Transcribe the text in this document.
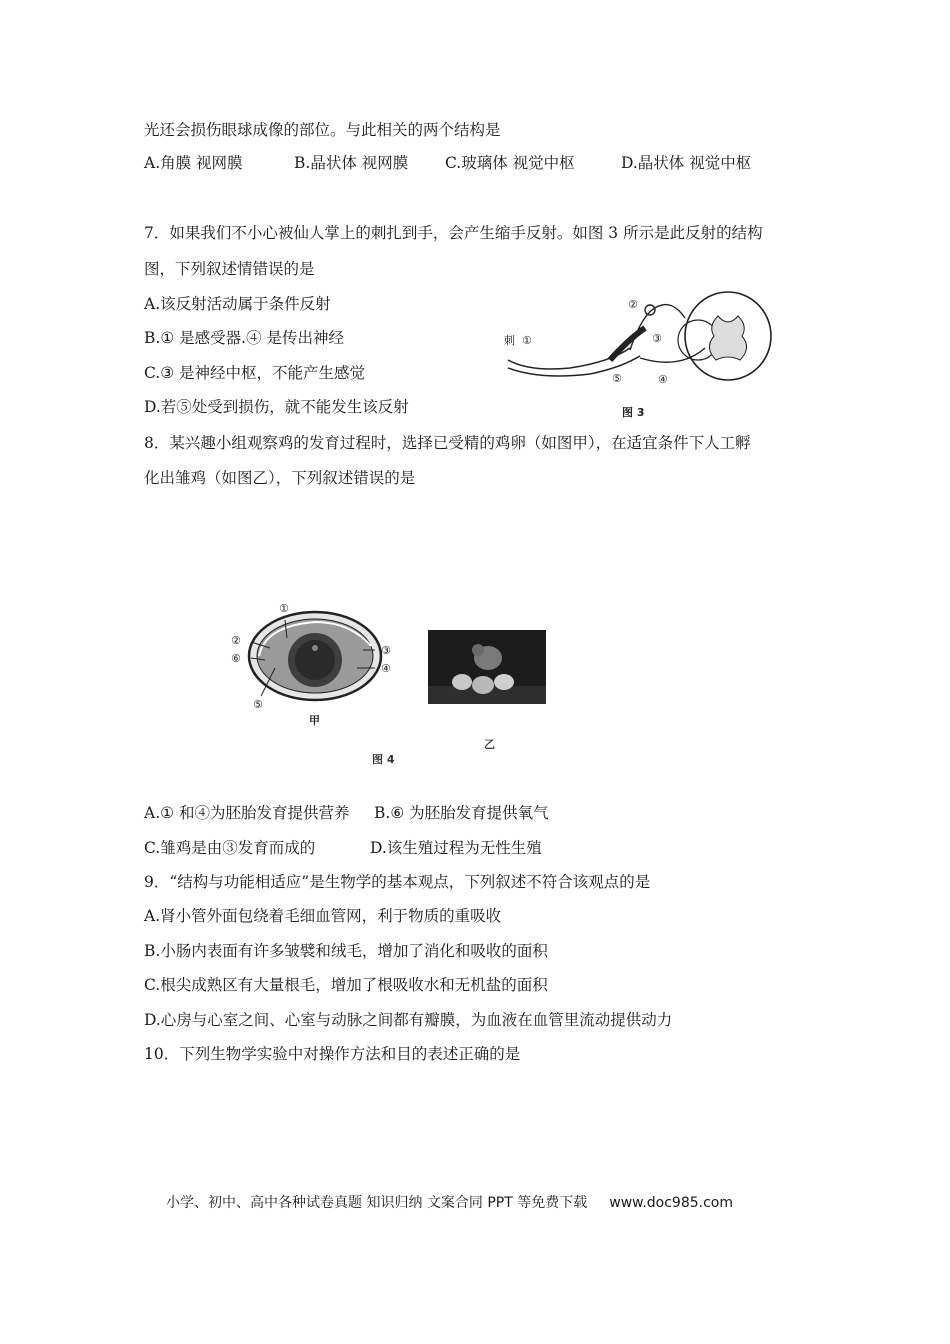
光还会损伤眼球成像的部位。与此相关的两个结构是
A.角膜 视网膜	B.晶状体 视网膜 C.玻璃体 视觉中枢	D.晶状体 视觉中枢
7．如果我们不小心被仙人掌上的刺扎到手，会产生缩手反射。如图 3 所示是此反射的结构
图，下列叙述情错误的是
A.该反射活动属于条件反射
B.① 是感受器.④ 是传出神经
C.③ 是神经中枢，不能产生感觉
D.若⑤处受到损伤，就不能发生该反射
①
②
③
④
⑤
刺
图 3
8．某兴趣小组观察鸡的发育过程时，选择已受精的鸡卵（如图甲），在适宜条件下人工孵
化出雏鸡（如图乙），下列叙述错误的是
①
②
③
④
⑤
⑥
甲
乙
图 4
A.① 和④为胚胎发育提供营养 B.⑥ 为胚胎发育提供氧气
C.雏鸡是由③发育而成的	D.该生殖过程为无性生殖
9．“结构与功能相适应”是生物学的基本观点，下列叙述不符合该观点的是
A.肾小管外面包绕着毛细血管网，利于物质的重吸收
B.小肠内表面有许多皱襞和绒毛，增加了消化和吸收的面积
C.根尖成熟区有大量根毛，增加了根吸收水和无机盐的面积
D.心房与心室之间、心室与动脉之间都有瓣膜，为血液在血管里流动提供动力
10．下列生物学实验中对操作方法和目的表述正确的是
小学、初中、高中各种试卷真题 知识归纳 文案合同 PPT 等免费下载 www.doc985.com
